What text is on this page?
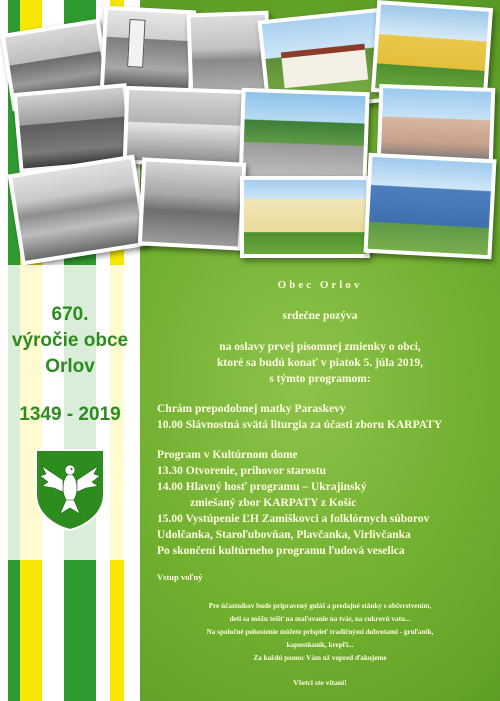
670.
výročie obce
Orlov
1349 - 2019
Obec Orlov
srdečne pozýva
na oslavy prvej písomnej zmienky o obci,
ktoré sa budú konať v piatok 5. júla 2019,
s týmto programom:
Chrám prepodobnej matky Paraskevy
10.00 Slávnostná svätá liturgia za účasti zboru KARPATY
Program v Kultúrnom dome
13.30 Otvorenie, príhovor starostu
14.00 Hlavný hosť programu – Ukrajinský
zmiešaný zbor KARPATY z Košíc
15.00 Vystúpenie ĽH Zamiškovci a folklórnych súborov
Udolčanka, Staroľubovňan, Plavčanka, Virlivčanka
Po skončení kultúrneho programu ľudová veselica
Vstup voľný
Pre účastníkov bude pripravený guláš a predajné stánky s občerstvením,
deti sa môžu tešiť na maľovanie na tvár, na cukrovú vatu...
Na spoločné pohostenie môžete prispieť tradičnými dobrotami - gruľaník,
kapustňaník, krepľi...
Za každú pomoc Vám už vopred ďakujeme
Všetci ste vítaní!
